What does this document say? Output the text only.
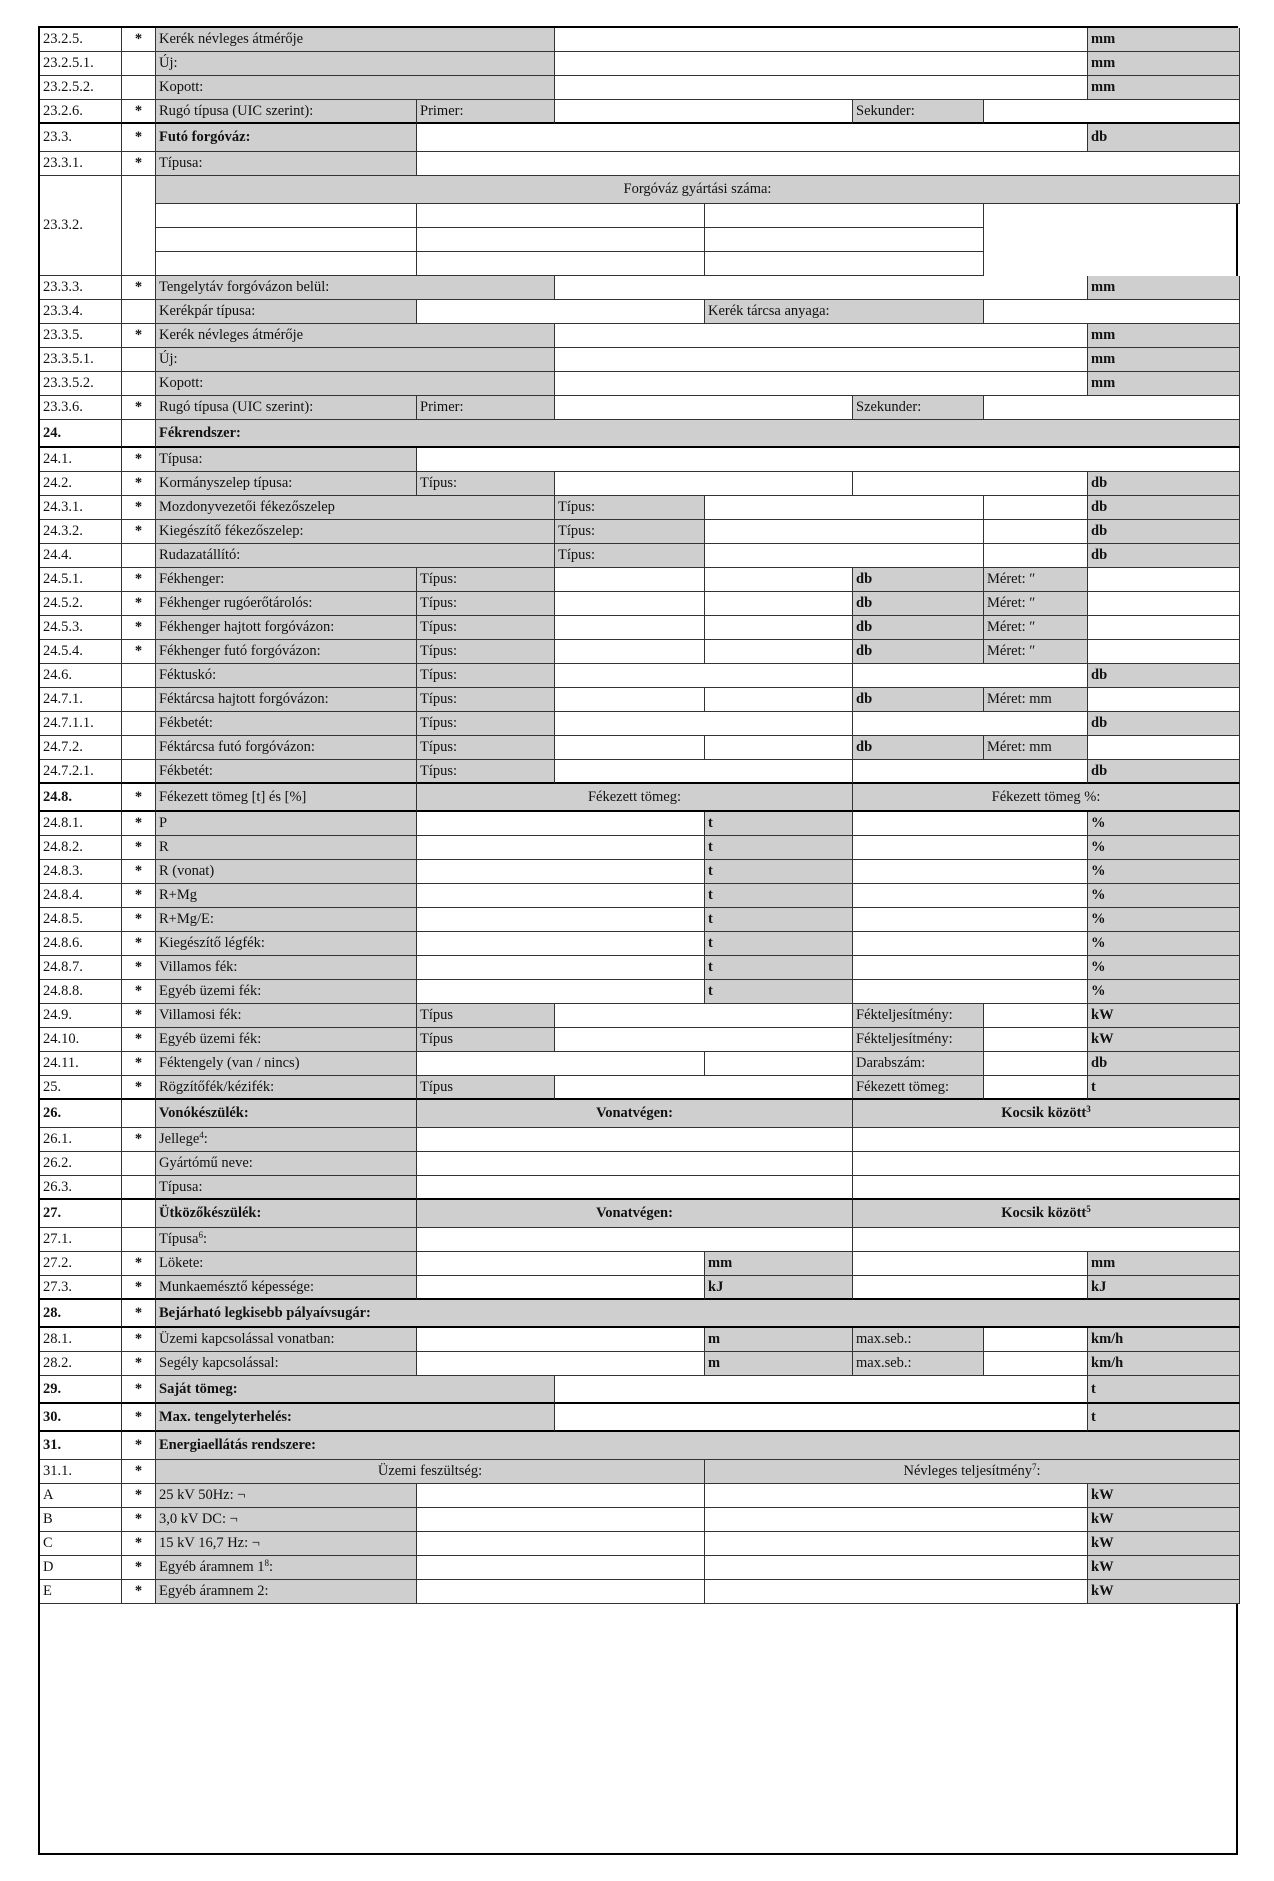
23.2.5.	* Kerék névleges átmérője	mm
23.2.5.1.	Új:	mm
23.2.5.2.	Kopott:	mm
23.2.6.	* Rugó típusa (UIC szerint):	Primer:	Sekunder:
23.3.	* Futó forgóváz:	db
23.3.1.	* Típusa:
23.3.2.
Forgóváz gyártási száma:
23.3.3.	* Tengelytáv forgóvázon belül:	mm
23.3.4.	Kerékpár típusa:	Kerék tárcsa anyaga:
23.3.5.	* Kerék névleges átmérője	mm
23.3.5.1.	Új:	mm
23.3.5.2.	Kopott:	mm
23.3.6.	* Rugó típusa (UIC szerint):	Primer:	Szekunder:
24.	Fékrendszer:
24.1.	* Típusa:
24.2.	* Kormányszelep típusa:	Típus:	db
24.3.1.	* Mozdonyvezetői fékezőszelep	Típus:	db
24.3.2.	* Kiegészítő fékezőszelep:	Típus:	db
24.4.	Rudazatállító:	Típus:	db
24.5.1.	* Fékhenger:	Típus:	db	Méret: ″
24.5.2.	* Fékhenger rugóerőtárolós:	Típus:	db	Méret: ″
24.5.3.	* Fékhenger hajtott forgóvázon:	Típus:	db	Méret: ″
24.5.4.	* Fékhenger futó forgóvázon:	Típus:	db	Méret: ″
24.6.	Féktuskó:	Típus:	db
24.7.1.	Féktárcsa hajtott forgóvázon:	Típus:	db	Méret: mm
24.7.1.1.	Fékbetét:	Típus:	db
24.7.2.	Féktárcsa futó forgóvázon:	Típus:	db	Méret: mm
24.7.2.1.	Fékbetét:	Típus:	db
24.8.	* Fékezett tömeg [t] és [%]	Fékezett tömeg:	Fékezett tömeg %:
24.8.1.	* P	t	%
24.8.2.	* R	t	%
24.8.3.	* R (vonat)	t	%
24.8.4.	* R+Mg	t	%
24.8.5.	* R+Mg/E:	t	%
24.8.6.	* Kiegészítő légfék:	t	%
24.8.7.	* Villamos fék:	t	%
24.8.8.	* Egyéb üzemi fék:	t	%
24.9.	* Villamosi fék:	Típus	Fékteljesítmény:	kW
24.10.	* Egyéb üzemi fék:	Típus	Fékteljesítmény:	kW
24.11.	* Féktengely (van / nincs)	Darabszám:	db
25.	* Rögzítőfék/kézifék:	Típus	Fékezett tömeg:	t
26.	Vonókészülék:	Vonatvégen:	Kocsik között$^3$
26.1.	* Jellege$^4$ :
26.2.	Gyártómű neve:
26.3.	Típusa:
27.	Ütközőkészülék:	Vonatvégen:	Kocsik között$^5$
27.1.	Típusa$^6$ :
27.2.	* Lökete:	mm	mm
27.3.	* Munkaemésztő képessége:	kJ	kJ
28.	* Bejárható legkisebb pályaívsugár:
28.1.	* Üzemi kapcsolással vonatban:	m	max.seb.:	km/h
28.2.	* Segély kapcsolással:	m	max.seb.:	km/h
29.	* Saját tömeg:	t
30.	* Max. tengelyterhelés:	t
31.	* Energiaellátás rendszere:
31.1.	*	Üzemi feszültség:	Névleges teljesítmény$^7$ :
A	* 25 kV 50Hz: ¬	kW
B	* 3,0 kV DC: ¬	kW
C	* 15 kV 16,7 Hz: ¬	kW
D	* Egyéb áramnem $1^8$ :	kW
E	* Egyéb áramnem 2:	kW
